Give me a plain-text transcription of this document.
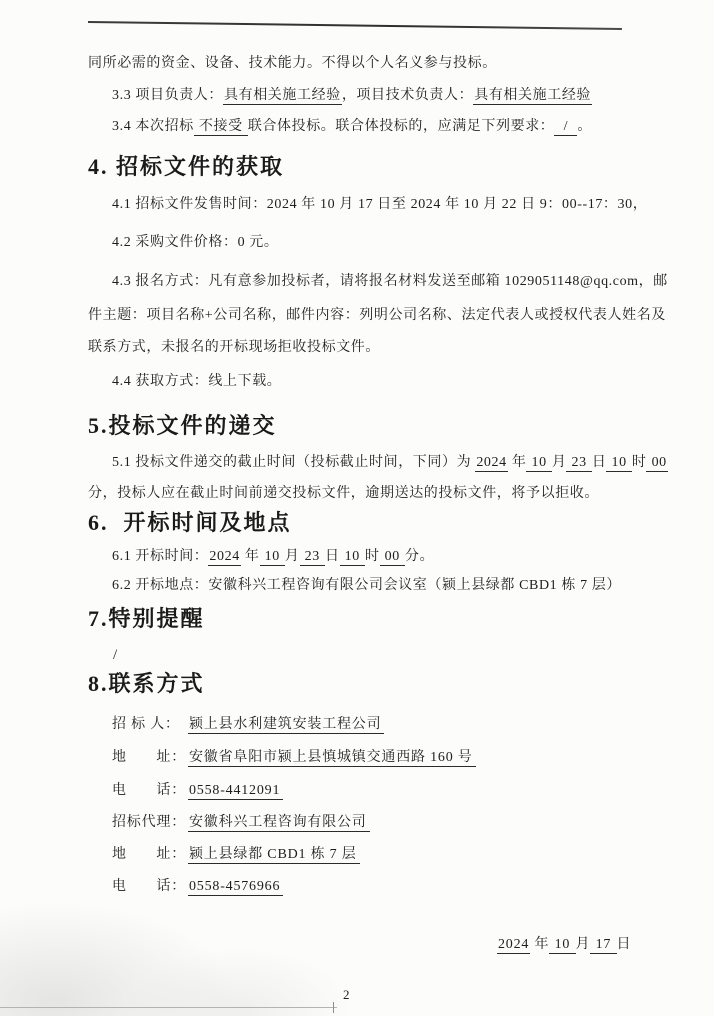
同所必需的资金、设备、技术能力。不得以个人名义参与投标。
3.3 项目负责人：具有相关施工经验，项目技术负责人：具有相关施工经验
3.4 本次招标 不接受 联合体投标。联合体投标的，应满足下列要求：  /  。
4. 招标文件的获取
4.1 招标文件发售时间：2024 年 10 月 17 日至 2024 年 10 月 22 日 9：00--17：30，
4.2 采购文件价格：0 元。
4.3 报名方式：凡有意参加投标者，请将报名材料发送至邮箱 1029051148@qq.com，邮
件主题：项目名称+公司名称，邮件内容：列明公司名称、法定代表人或授权代表人姓名及
联系方式，未报名的开标现场拒收投标文件。
4.4 获取方式：线上下载。
5.投标文件的递交
5.1 投标文件递交的截止时间（投标截止时间，下同）为 2024 年 10 月 23 日 10 时 00
分，投标人应在截止时间前递交投标文件，逾期送达的投标文件，将予以拒收。
6.  开标时间及地点
6.1 开标时间：2024 年 10 月 23 日 10 时 00 分。
6.2 开标地点：安徽科兴工程咨询有限公司会议室（颍上县绿都 CBD1 栋 7 层）
7.特别提醒
/
8.联系方式
招 标 人： 颍上县水利建筑安装工程公司
地　　址： 安徽省阜阳市颍上县慎城镇交通西路 160 号
电　　话： 0558-4412091
招标代理： 安徽科兴工程咨询有限公司
地　　址： 颍上县绿都 CBD1 栋 7 层
电　　话： 0558-4576966
2024 年 10 月 17 日
2
